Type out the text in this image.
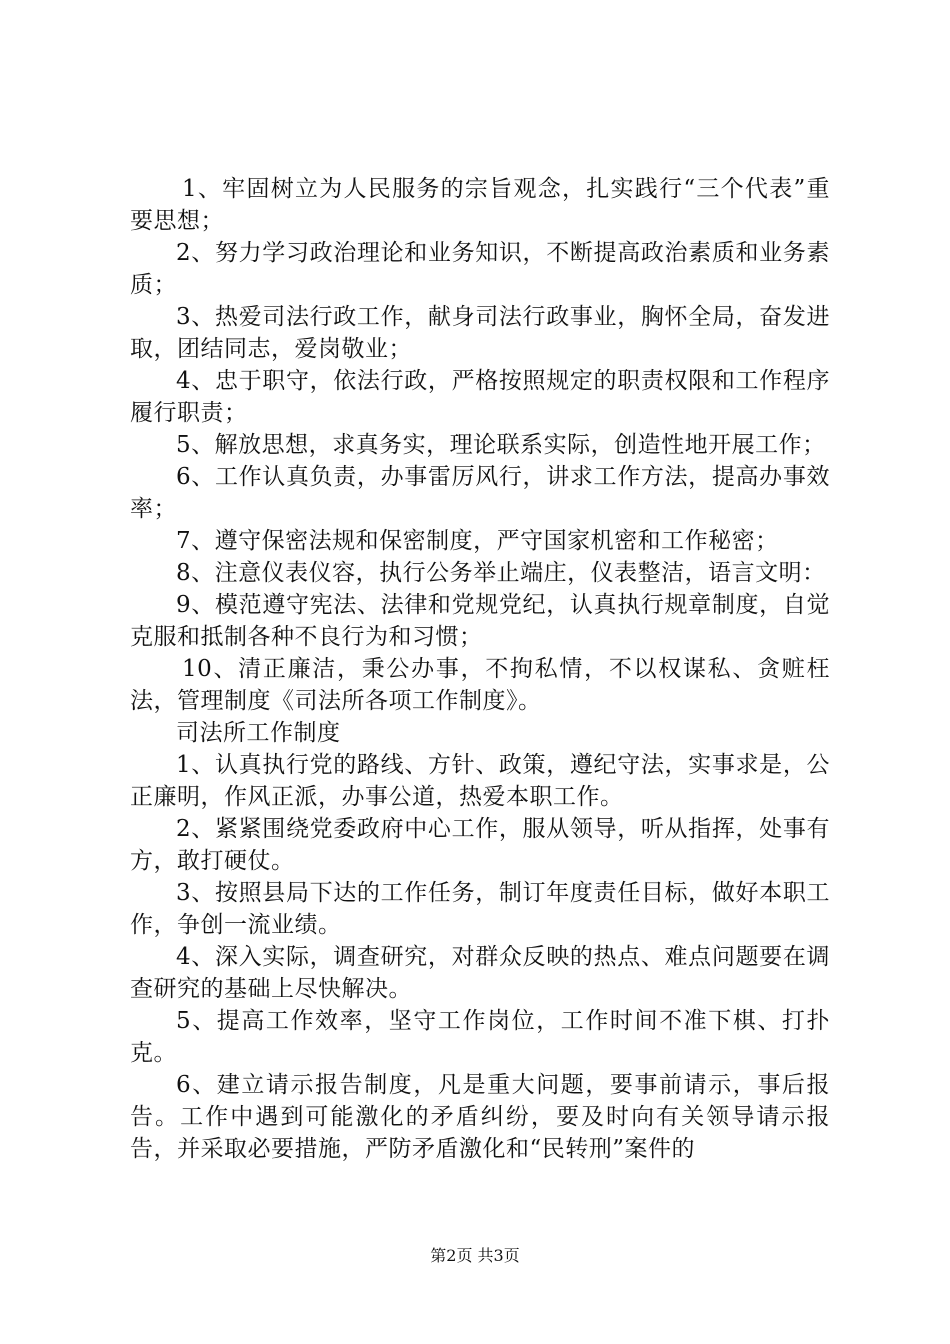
1、牢固树立为人民服务的宗旨观念，扎实践行“三个代表”重要思想；

2、努力学习政治理论和业务知识，不断提高政治素质和业务素质；

3、热爱司法行政工作，献身司法行政事业，胸怀全局，奋发进取，团结同志，爱岗敬业；

4、忠于职守，依法行政，严格按照规定的职责权限和工作程序履行职责；

5、解放思想，求真务实，理论联系实际，创造性地开展工作；

6、工作认真负责，办事雷厉风行，讲求工作方法，提高办事效率；

7、遵守保密法规和保密制度，严守国家机密和工作秘密；

8、注意仪表仪容，执行公务举止端庄，仪表整洁，语言文明：

9、模范遵守宪法、法律和党规党纪，认真执行规章制度，自觉克服和抵制各种不良行为和习惯；

10、清正廉洁，秉公办事，不拘私情，不以权谋私、贪赃枉法，管理制度《司法所各项工作制度》。

司法所工作制度

1、认真执行党的路线、方针、政策，遵纪守法，实事求是，公正廉明，作风正派，办事公道，热爱本职工作。

2、紧紧围绕党委政府中心工作，服从领导，听从指挥，处事有方，敢打硬仗。

3、按照县局下达的工作任务，制订年度责任目标，做好本职工作，争创一流业绩。

4、深入实际，调查研究，对群众反映的热点、难点问题要在调查研究的基础上尽快解决。

5、提高工作效率，坚守工作岗位，工作时间不准下棋、打扑克。

6、建立请示报告制度，凡是重大问题，要事前请示，事后报告。工作中遇到可能激化的矛盾纠纷，要及时向有关领导请示报告，并采取必要措施，严防矛盾激化和“民转刑”案件的

第2页 共3页
